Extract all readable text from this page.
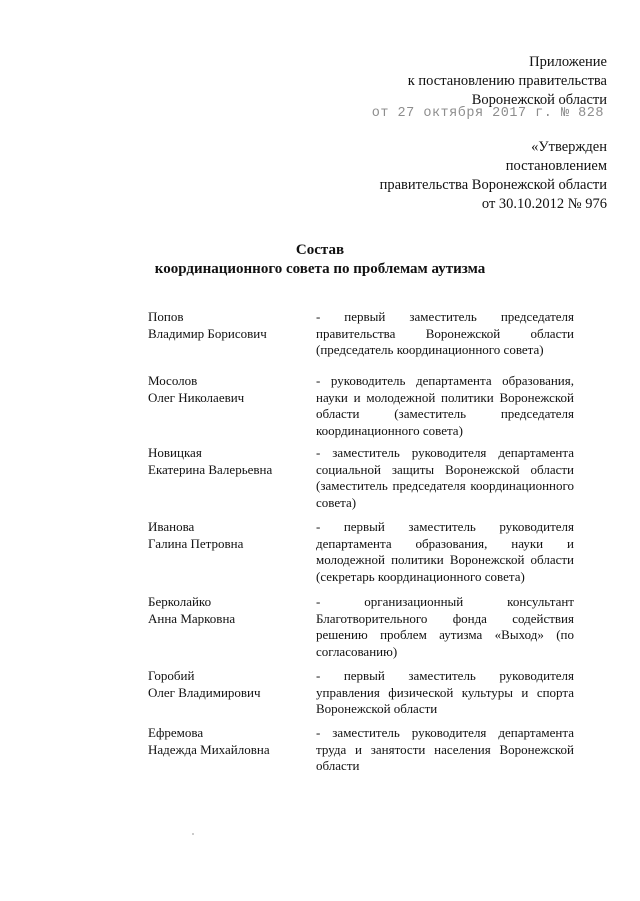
Приложение
к постановлению правительства
Воронежской области
от 27 октября 2017 г. № 828
«Утвержден
постановлением
правительства Воронежской области
от 30.10.2012 № 976
Состав
координационного совета по проблемам аутизма
Попов
Владимир Борисович
- первый заместитель председателя правительства Воронежской области (председатель координационного совета)
Мосолов
Олег Николаевич
- руководитель департамента образования, науки и молодежной политики Воронежской области (заместитель председателя координационного совета)
Новицкая
Екатерина Валерьевна
- заместитель руководителя департамента социальной защиты Воронежской области (заместитель председателя координационного совета)
Иванова
Галина Петровна
- первый заместитель руководителя департамента образования, науки и молодежной политики Воронежской области (секретарь координационного совета)
Берколайко
Анна Марковна
- организационный консультант Благотворительного фонда содействия решению проблем аутизма «Выход» (по согласованию)
Горобий
Олег Владимирович
- первый заместитель руководителя управления физической культуры и спорта Воронежской области
Ефремова
Надежда Михайловна
- заместитель руководителя департамента труда и занятости населения Воронежской области
